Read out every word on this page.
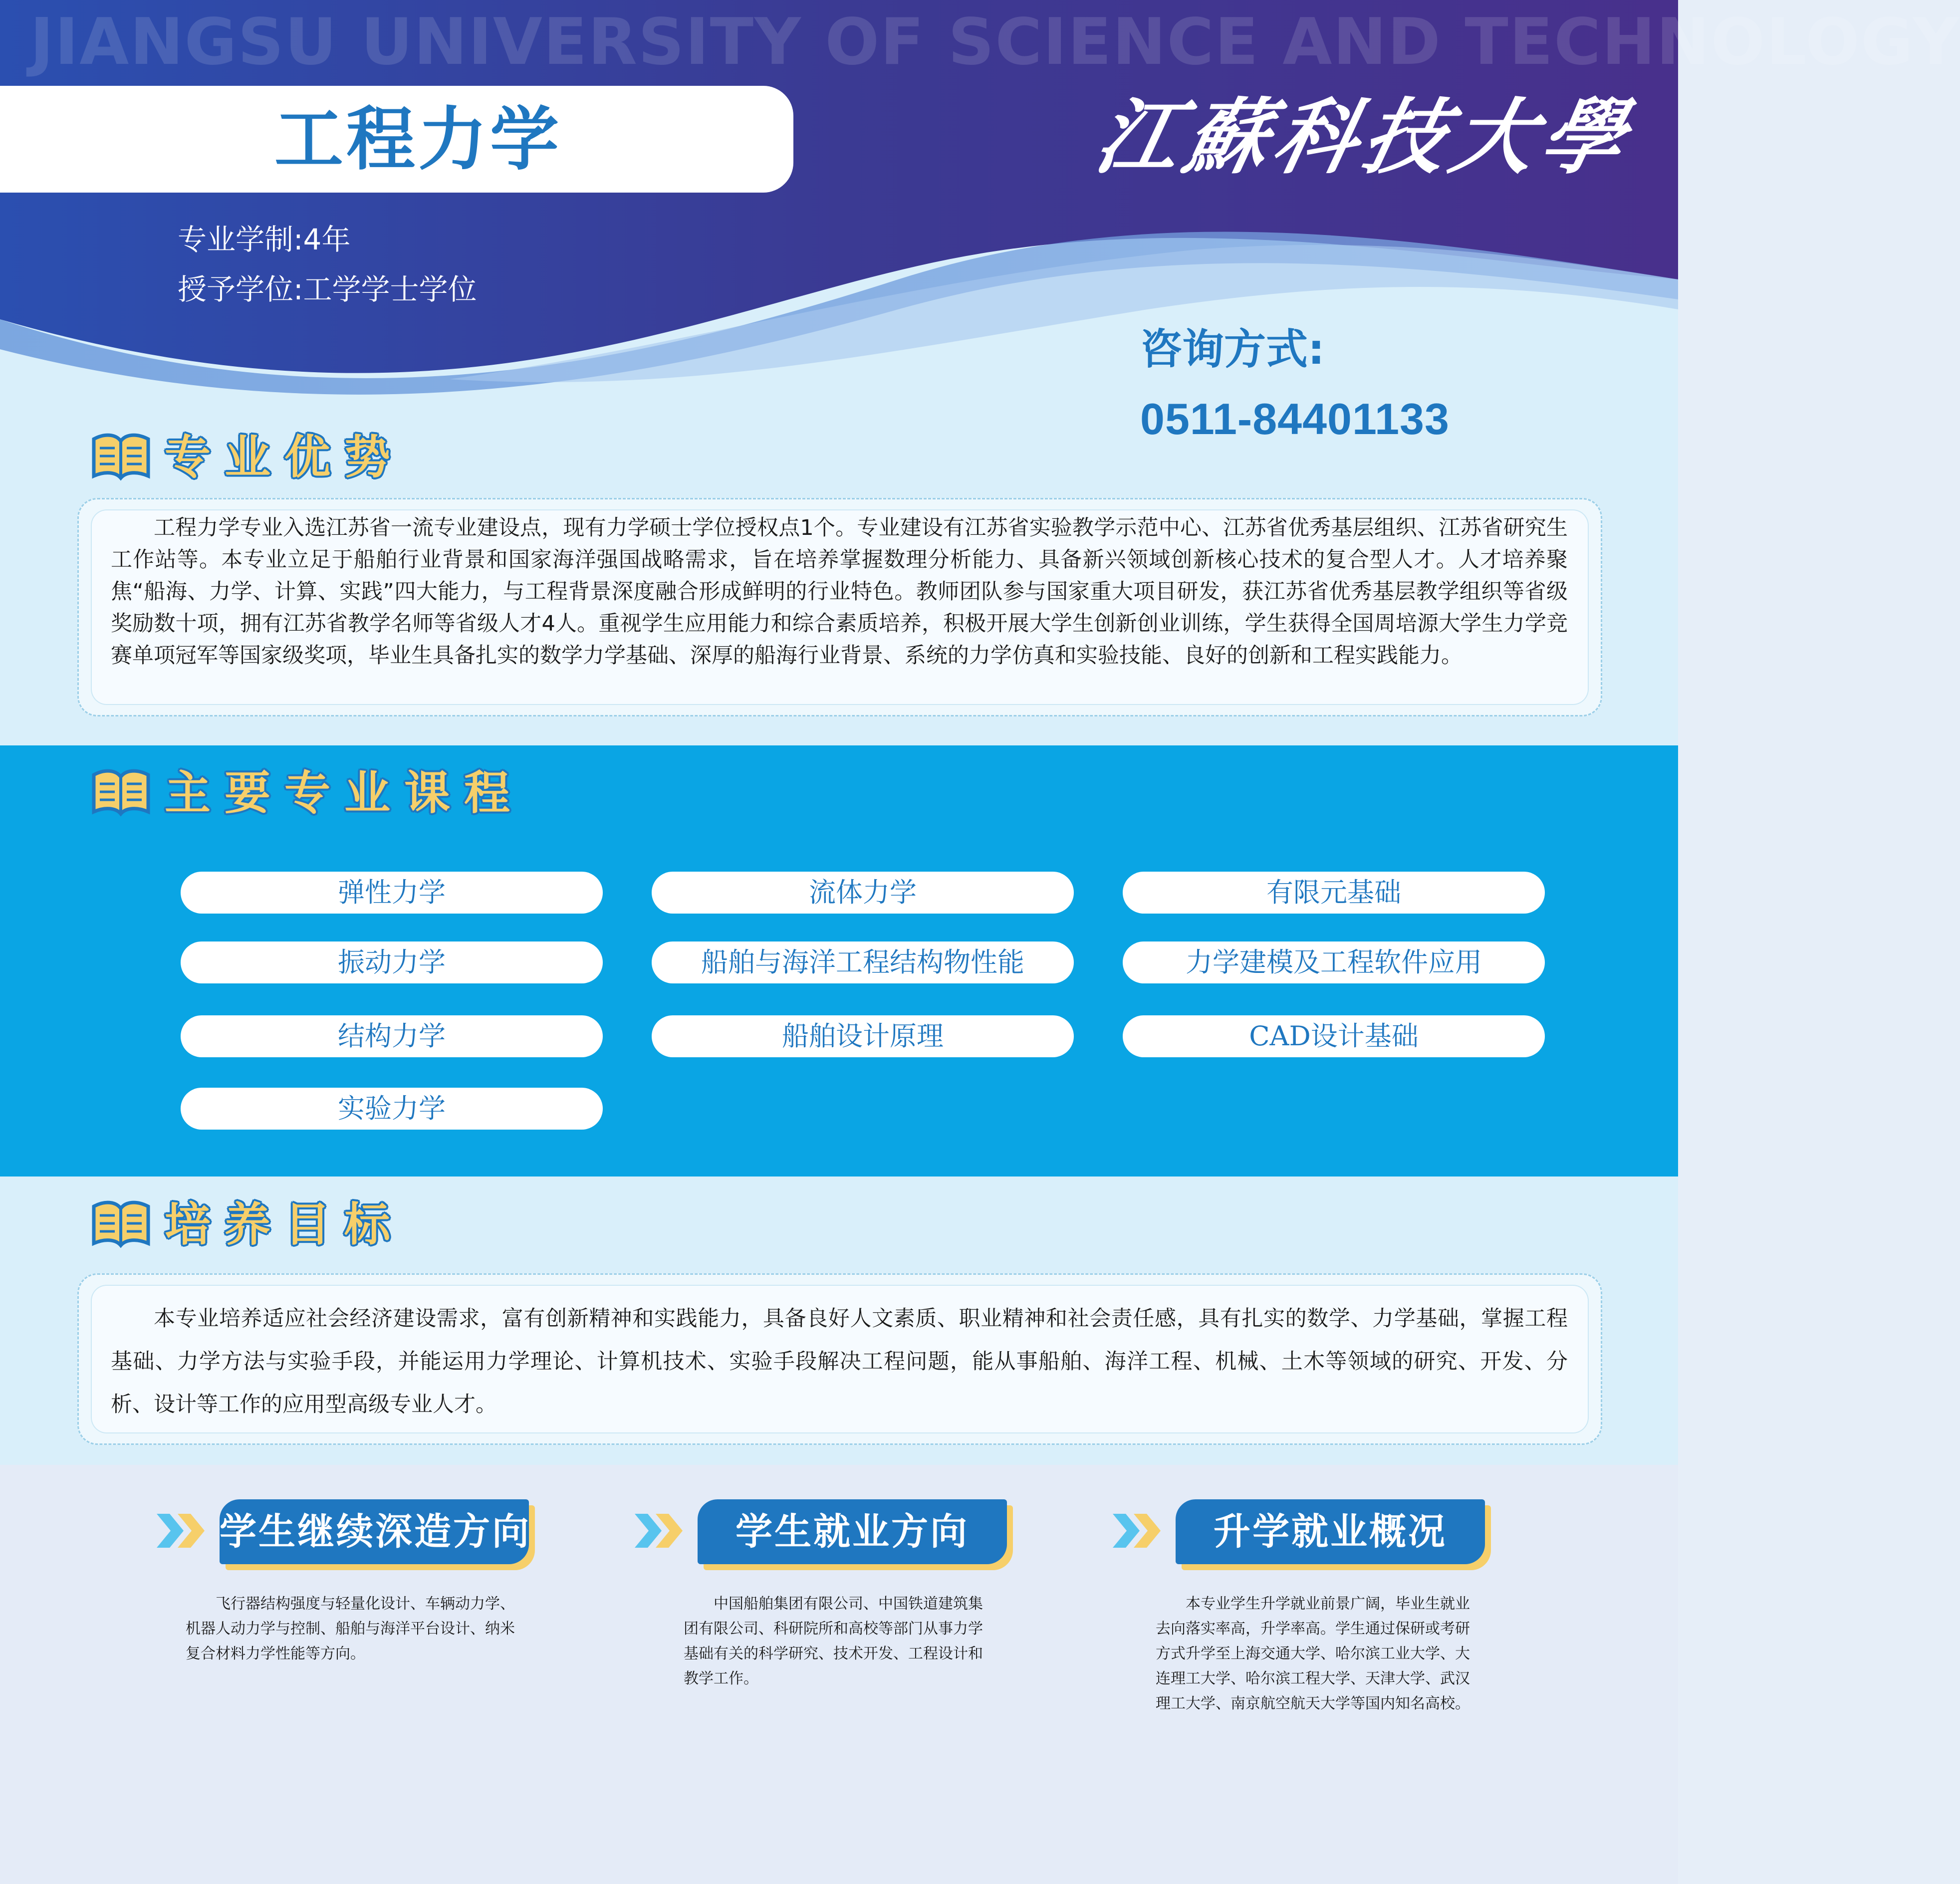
JIANGSU UNIVERSITY OF SCIENCE AND TECHNOLOGY
工程力学	江蘇科技大學
专业学制:4年
授予学位:工学学士学位
咨询方式:
0511-84401133
专业优势
工程力学专业入选江苏省一流专业建设点，现有力学硕士学位授权点1个。专业建设有江苏省实验教学示范中心、江苏省优秀基层组织、江苏省研究生工作站等。本专业立足于船舶行业背景和国家海洋强国战略需求，旨在培养掌握数理分析能力、具备新兴领域创新核心技术的复合型人才。人才培养聚焦“船海、力学、计算、实践”四大能力，与工程背景深度融合形成鲜明的行业特色。教师团队参与国家重大项目研发，获江苏省优秀基层教学组织等省级奖励数十项，拥有江苏省教学名师等省级人才4人。重视学生应用能力和综合素质培养，积极开展大学生创新创业训练，学生获得全国周培源大学生力学竞赛单项冠军等国家级奖项，毕业生具备扎实的数学力学基础、深厚的船海行业背景、系统的力学仿真和实验技能、良好的创新和工程实践能力。
主要专业课程
弹性力学	流体力学	有限元基础
振动力学	船舶与海洋工程结构物性能	力学建模及工程软件应用
结构力学	船舶设计原理	CAD设计基础
实验力学
培养目标
本专业培养适应社会经济建设需求，富有创新精神和实践能力，具备良好人文素质、职业精神和社会责任感，具有扎实的数学、力学基础，掌握工程基础、力学方法与实验手段，并能运用力学理论、计算机技术、实验手段解决工程问题，能从事船舶、海洋工程、机械、土木等领域的研究、开发、分析、设计等工作的应用型高级专业人才。
学生继续深造方向
飞行器结构强度与轻量化设计、车辆动力学、
机器人动力学与控制、船舶与海洋平台设计、纳米
复合材料力学性能等方向。
学生就业方向
中国船舶集团有限公司、中国铁道建筑集
团有限公司、科研院所和高校等部门从事力学
基础有关的科学研究、技术开发、工程设计和
教学工作。
升学就业概况
本专业学生升学就业前景广阔，毕业生就业
去向落实率高，升学率高。学生通过保研或考研
方式升学至上海交通大学、哈尔滨工业大学、大
连理工大学、哈尔滨工程大学、天津大学、武汉
理工大学、南京航空航天大学等国内知名高校。
